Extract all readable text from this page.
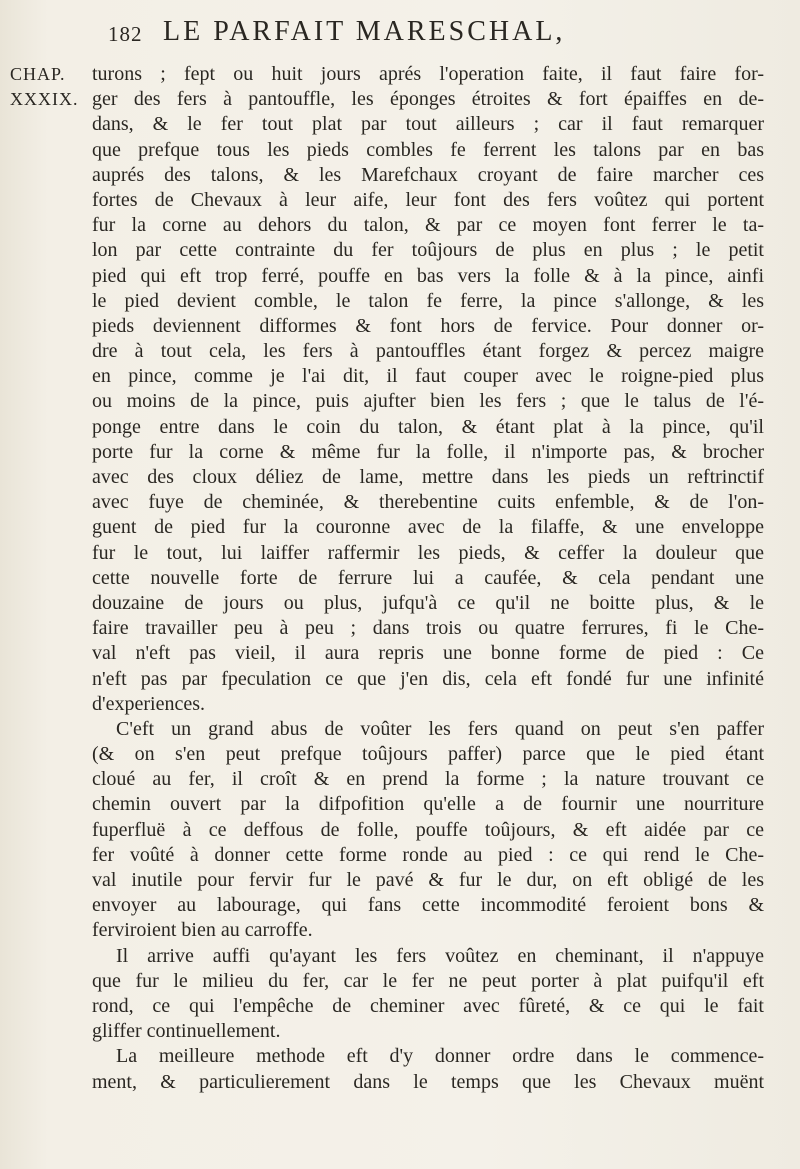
182 LE PARFAIT MARESCHAL,
CHAP.
XXXIX.
turons ; fept ou huit jours aprés l'operation faite, il faut faire for-
ger des fers à pantouffle, les éponges étroites & fort épaiffes en de-
dans, & le fer tout plat par tout ailleurs ; car il faut remarquer
que prefque tous les pieds combles fe ferrent les talons par en bas
auprés des talons, & les Marefchaux croyant de faire marcher ces
fortes de Chevaux à leur aife, leur font des fers voûtez qui portent
fur la corne au dehors du talon, & par ce moyen font ferrer le ta-
lon par cette contrainte du fer toûjours de plus en plus ; le petit
pied qui eft trop ferré, pouffe en bas vers la folle & à la pince, ainfi
le pied devient comble, le talon fe ferre, la pince s'allonge, & les
pieds deviennent difformes & font hors de fervice. Pour donner or-
dre à tout cela, les fers à pantouffles étant forgez & percez maigre
en pince, comme je l'ai dit, il faut couper avec le roigne-pied plus
ou moins de la pince, puis ajufter bien les fers ; que le talus de l'é-
ponge entre dans le coin du talon, & étant plat à la pince, qu'il
porte fur la corne & même fur la folle, il n'importe pas, & brocher
avec des cloux déliez de lame, mettre dans les pieds un reftrinctif
avec fuye de cheminée, & therebentine cuits enfemble, & de l'on-
guent de pied fur la couronne avec de la filaffe, & une enveloppe
fur le tout, lui laiffer raffermir les pieds, & ceffer la douleur que
cette nouvelle forte de ferrure lui a caufée, & cela pendant une
douzaine de jours ou plus, jufqu'à ce qu'il ne boitte plus, & le
faire travailler peu à peu ; dans trois ou quatre ferrures, fi le Che-
val n'eft pas vieil, il aura repris une bonne forme de pied : Ce
n'eft pas par fpeculation ce que j'en dis, cela eft fondé fur une infinité
d'experiences.
C'eft un grand abus de voûter les fers quand on peut s'en paffer
(& on s'en peut prefque toûjours paffer) parce que le pied étant
cloué au fer, il croît & en prend la forme ; la nature trouvant ce
chemin ouvert par la difpofition qu'elle a de fournir une nourriture
fuperfluë à ce deffous de folle, pouffe toûjours, & eft aidée par ce
fer voûté à donner cette forme ronde au pied : ce qui rend le Che-
val inutile pour fervir fur le pavé & fur le dur, on eft obligé de les
envoyer au labourage, qui fans cette incommodité feroient bons &
ferviroient bien au carroffe.
Il arrive auffi qu'ayant les fers voûtez en cheminant, il n'appuye
que fur le milieu du fer, car le fer ne peut porter à plat puifqu'il eft
rond, ce qui l'empêche de cheminer avec fûreté, & ce qui le fait
gliffer continuellement.
La meilleure methode eft d'y donner ordre dans le commence-
ment, & particulierement dans le temps que les Chevaux muënt
